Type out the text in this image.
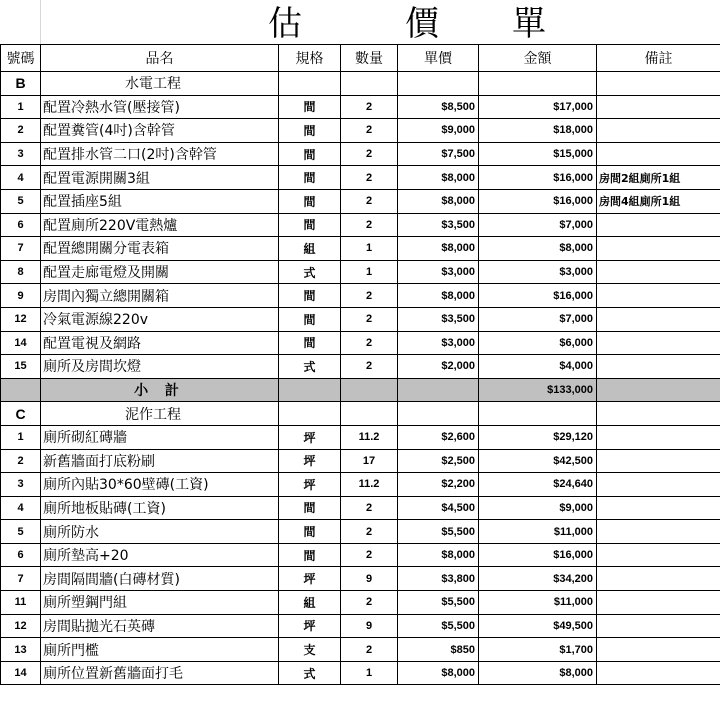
估	價 單
號碼	品名	規格	數量	單價	金額	備註
B	水電工程					
1	配置冷熱水管(壓接管)	間	2	$8,500	$17,000	
2	配置糞管(4吋)含幹管	間	2	$9,000	$18,000	
3	配置排水管二口(2吋)含幹管	間	2	$7,500	$15,000	
4	配置電源開關3組	間	2	$8,000	$16,000	房間2組廁所1組
5	配置插座5組	間	2	$8,000	$16,000	房間4組廁所1組
6	配置廁所220V電熱爐	間	2	$3,500	$7,000	
7	配置總開關分電表箱	組	1	$8,000	$8,000	
8	配置走廊電燈及開關	式	1	$3,000	$3,000	
9	房間內獨立總開關箱	間	2	$8,000	$16,000	
12	冷氣電源線220v	間	2	$3,500	$7,000	
14	配置電視及網路	間	2	$3,000	$6,000	
15	廁所及房間坎燈	式	2	$2,000	$4,000	
	小 計				$133,000	
C	泥作工程					
1	廁所砌紅磚牆	坪	11.2	$2,600	$29,120	
2	新舊牆面打底粉刷	坪	17	$2,500	$42,500	
3	廁所內貼30*60壁磚(工資)	坪	11.2	$2,200	$24,640	
4	廁所地板貼磚(工資)	間	2	$4,500	$9,000	
5	廁所防水	間	2	$5,500	$11,000	
6	廁所墊高+20	間	2	$8,000	$16,000	
7	房間隔間牆(白磚材質)	坪	9	$3,800	$34,200	
11	廁所塑鋼門組	組	2	$5,500	$11,000	
12	房間貼拋光石英磚	坪	9	$5,500	$49,500	
13	廁所門檻	支	2	$850	$1,700	
14	廁所位置新舊牆面打毛	式	1	$8,000	$8,000	
